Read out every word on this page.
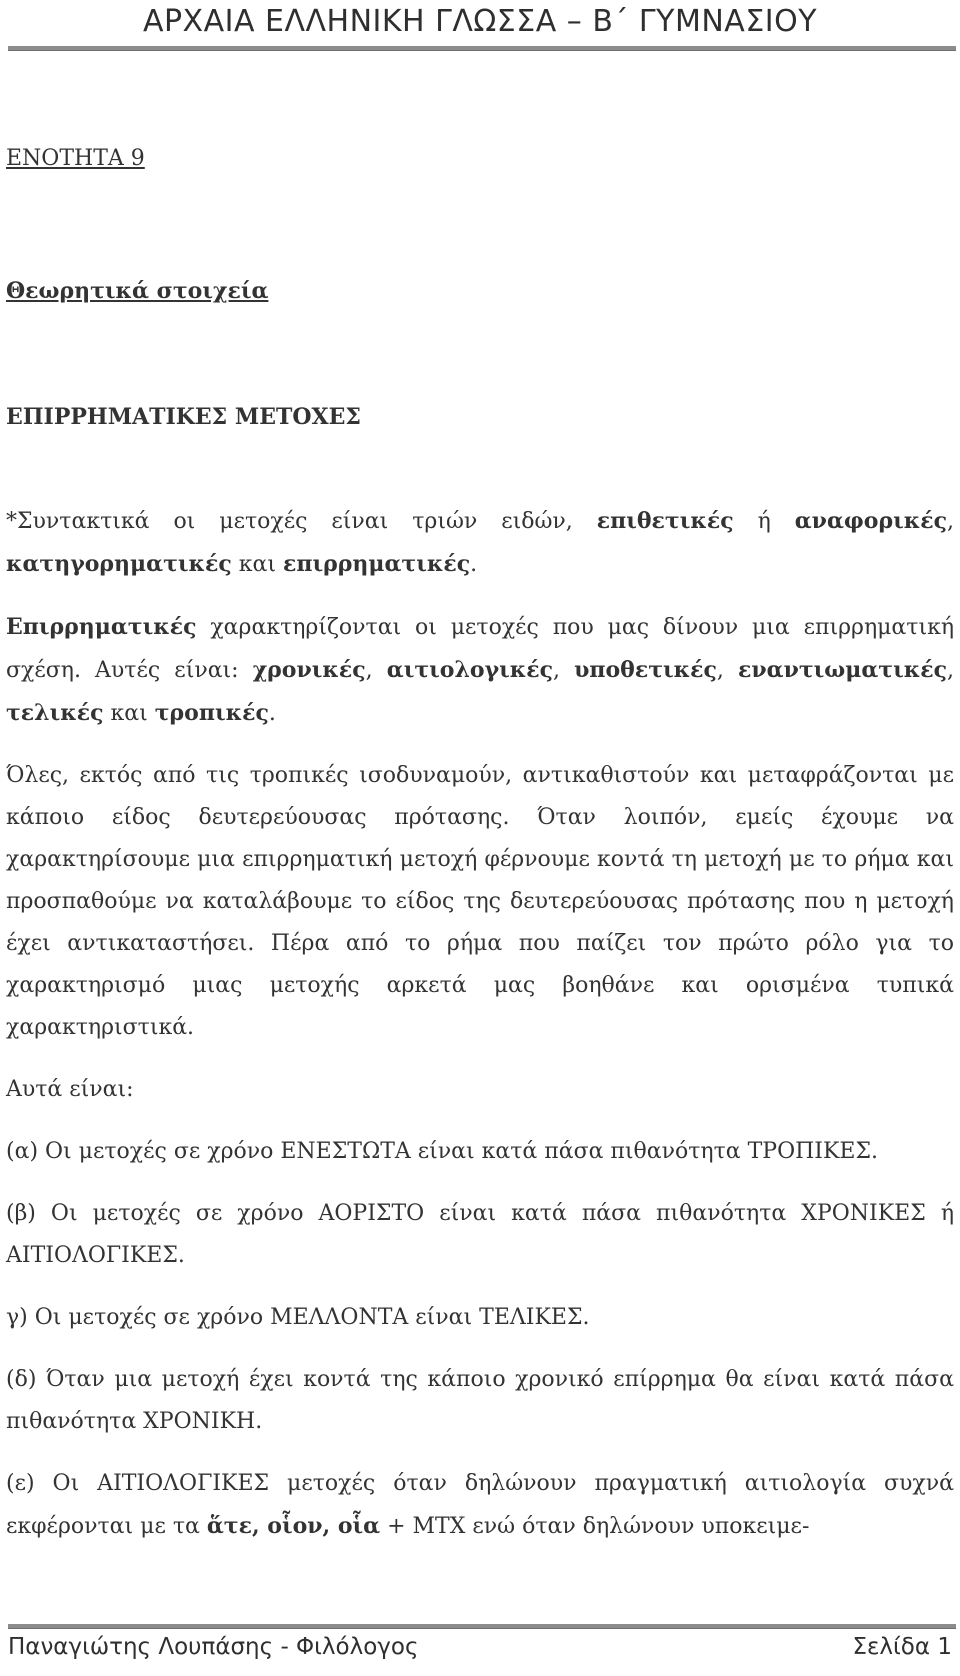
ΑΡΧΑΙΑ ΕΛΛΗΝΙΚΗ ΓΛΩΣΣΑ – Β΄ ΓΥΜΝΑΣΙΟΥ
ΕΝΟΤΗΤΑ 9
Θεωρητικά στοιχεία
ΕΠΙΡΡΗΜΑΤΙΚΕΣ ΜΕΤΟΧΕΣ

*Συντακτικά οι μετοχές είναι τριών ειδών, επιθετικές ή αναφορικές, κατηγορηματικές και επιρρηματικές.

Επιρρηματικές χαρακτηρίζονται οι μετοχές που μας δίνουν μια επιρρηματική σχέση. Αυτές είναι: χρονικές, αιτιολογικές, υποθετικές, εναντιωματικές, τελικές και τροπικές.

Όλες, εκτός από τις τροπικές ισοδυναμούν, αντικαθιστούν και μεταφράζονται με κάποιο είδος δευτερεύουσας πρότασης. Όταν λοιπόν, εμείς έχουμε να χαρακτηρίσουμε μια επιρρηματική μετοχή φέρνουμε κοντά τη μετοχή με το ρήμα και προσπαθούμε να καταλάβουμε το είδος της δευτερεύουσας πρότασης που η μετοχή έχει αντικαταστήσει. Πέρα από το ρήμα που παίζει τον πρώτο ρόλο για το χαρακτηρισμό μιας μετοχής αρκετά μας βοηθάνε και ορισμένα τυπικά χαρακτηριστικά.

Αυτά είναι:

(α) Οι μετοχές σε χρόνο ΕΝΕΣΤΩΤΑ είναι κατά πάσα πιθανότητα ΤΡΟΠΙΚΕΣ.

(β) Οι μετοχές σε χρόνο ΑΟΡΙΣΤΟ είναι κατά πάσα πιθανότητα ΧΡΟΝΙΚΕΣ ή ΑΙΤΙΟΛΟΓΙΚΕΣ.

γ) Οι μετοχές σε χρόνο ΜΕΛΛΟΝΤΑ είναι ΤΕΛΙΚΕΣ.

(δ) Όταν μια μετοχή έχει κοντά της κάποιο χρονικό επίρρημα θα είναι κατά πάσα πιθανότητα ΧΡΟΝΙΚΗ.

(ε) Οι ΑΙΤΙΟΛΟΓΙΚΕΣ μετοχές όταν δηλώνουν πραγματική αιτιολογία συχνά εκφέρονται με τα ἅτε, οἷον, οἷα + ΜΤΧ ενώ όταν δηλώνουν υποκειμε-

Παναγιώτης Λουπάσης - Φιλόλογος	Σελίδα 1
